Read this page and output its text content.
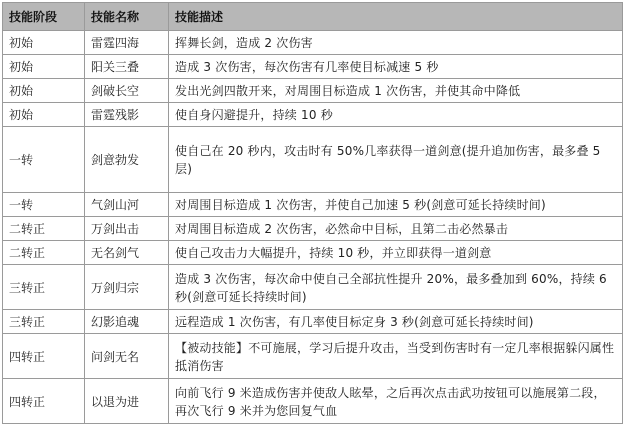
技能阶段	技能名称	技能描述
初始	雷霆四海	挥舞长剑，造成 2 次伤害
初始	阳关三叠	造成 3 次伤害，每次伤害有几率使目标减速 5 秒
初始	剑破长空	发出光剑四散开来，对周围目标造成 1 次伤害，并使其命中降低
初始	雷霆残影	使自身闪避提升，持续 10 秒
一转	剑意勃发	使自己在 20 秒内，攻击时有 50%几率获得一道剑意(提升追加伤害，最多叠 5 层)
一转	气剑山河	对周围目标造成 1 次伤害，并使自己加速 5 秒(剑意可延长持续时间)
二转正	万剑出击	对周围目标造成 2 次伤害，必然命中目标，且第二击必然暴击
二转正	无名剑气	使自己攻击力大幅提升，持续 10 秒，并立即获得一道剑意
三转正	万剑归宗	造成 3 次伤害，每次命中使自己全部抗性提升 20%，最多叠加到 60%，持续 6 秒(剑意可延长持续时间)
三转正	幻影追魂	远程造成 1 次伤害，有几率使目标定身 3 秒(剑意可延长持续时间)
四转正	问剑无名	【被动技能】不可施展，学习后提升攻击，当受到伤害时有一定几率根据躲闪属性抵消伤害
四转正	以退为进	向前飞行 9 米造成伤害并使敌人眩晕，之后再次点击武功按钮可以施展第二段，再次飞行 9 米并为您回复气血
